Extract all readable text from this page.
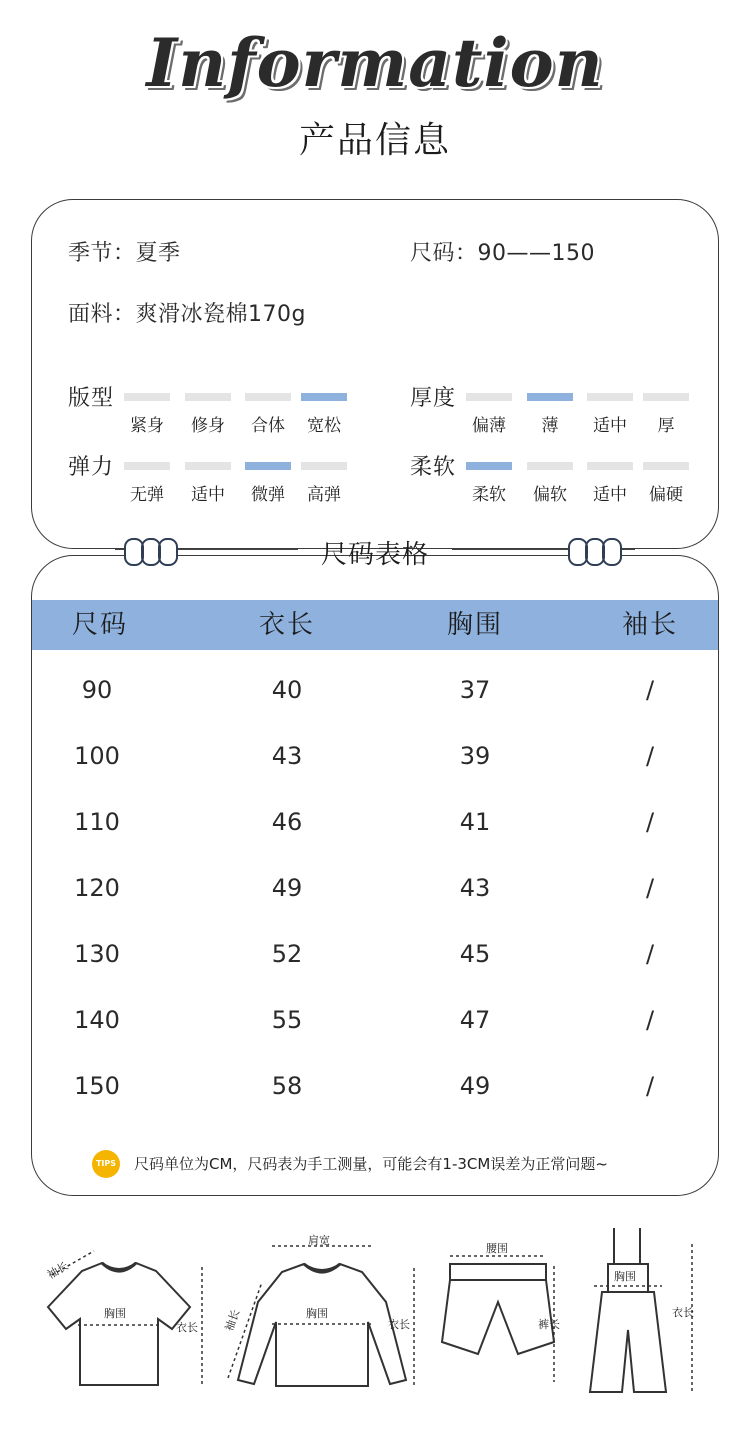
Information
产品信息
季节：夏季	尺码：90——150
面料：爽滑冰瓷棉170g
版型
紧身	修身	合体	宽松
厚度
偏薄	薄	适中	厚
弹力
无弹	适中	微弹	高弹
柔软
柔软	偏软	适中	偏硬
尺码	衣长	胸围	袖长
90	40	37	/
100	43	39	/
110	46	41	/
120	49	43	/
130	52	45	/
140	55	47	/
150	58	49	/
TIPS 尺码单位为CM，尺码表为手工测量，可能会有1-3CM误差为正常问题~
尺码表格
袖长
胸围
衣长
肩宽
胸围
衣长
袖长
腰围
裤长
胸围
衣长
